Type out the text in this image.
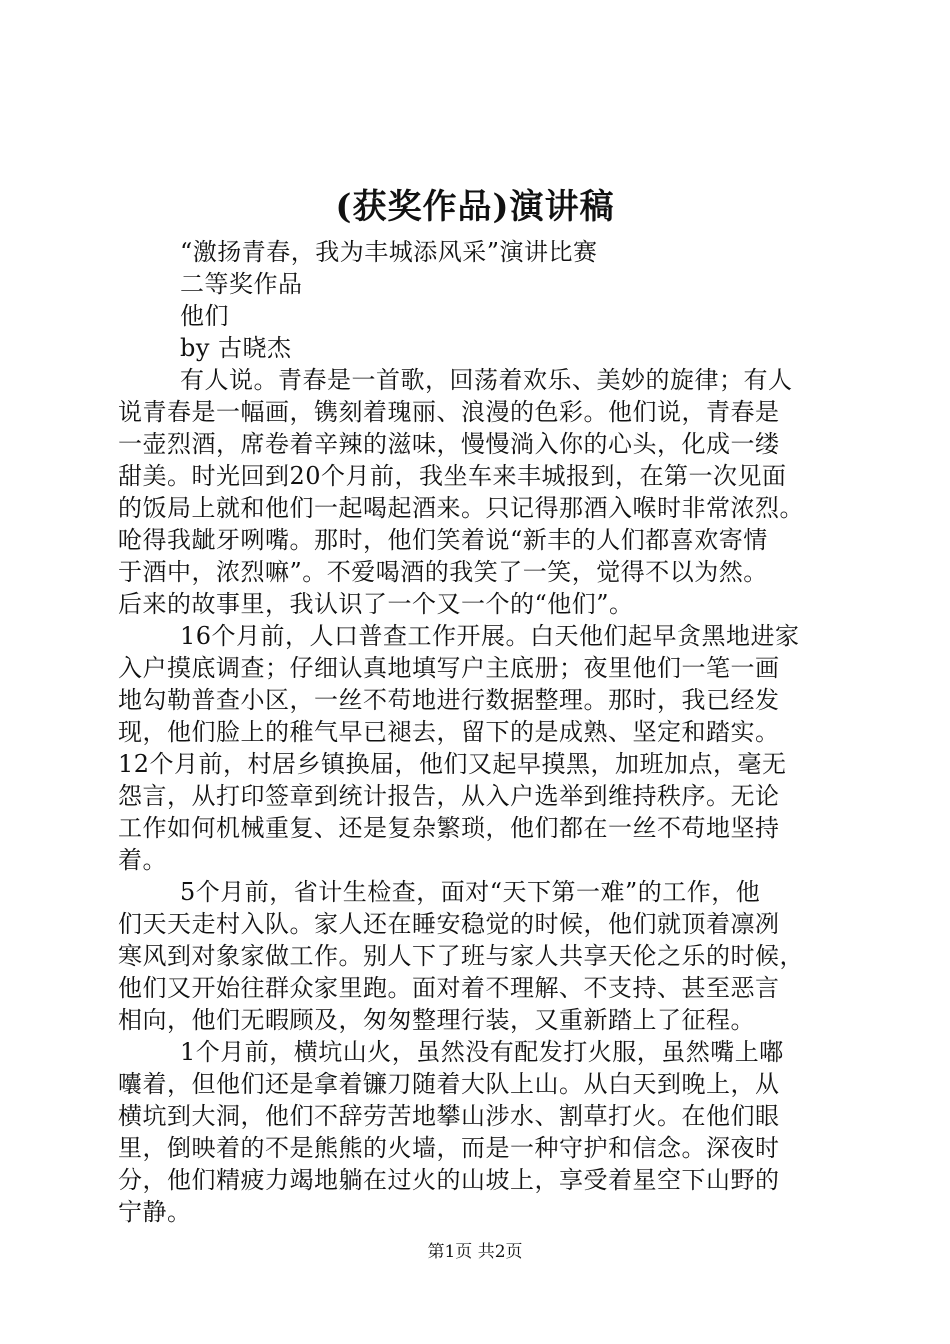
(获奖作品)演讲稿
“激扬青春，我为丰城添风采”演讲比赛
二等奖作品
他们
by 古晓杰
有人说。青春是一首歌，回荡着欢乐、美妙的旋律；有人
说青春是一幅画，镌刻着瑰丽、浪漫的色彩。他们说，青春是
一壶烈酒，席卷着辛辣的滋味，慢慢淌入你的心头，化成一缕
甜美。时光回到20个月前，我坐车来丰城报到，在第一次见面
的饭局上就和他们一起喝起酒来。只记得那酒入喉时非常浓烈。
呛得我龇牙咧嘴。那时，他们笑着说“新丰的人们都喜欢寄情
于酒中，浓烈嘛”。不爱喝酒的我笑了一笑，觉得不以为然。
后来的故事里，我认识了一个又一个的“他们”。
16个月前，人口普查工作开展。白天他们起早贪黑地进家
入户摸底调查；仔细认真地填写户主底册；夜里他们一笔一画
地勾勒普查小区，一丝不苟地进行数据整理。那时，我已经发
现，他们脸上的稚气早已褪去，留下的是成熟、坚定和踏实。
12个月前，村居乡镇换届，他们又起早摸黑，加班加点，毫无
怨言，从打印签章到统计报告，从入户选举到维持秩序。无论
工作如何机械重复、还是复杂繁琐，他们都在一丝不苟地坚持
着。
5个月前，省计生检查，面对“天下第一难”的工作，他
们天天走村入队。家人还在睡安稳觉的时候，他们就顶着凛冽
寒风到对象家做工作。别人下了班与家人共享天伦之乐的时候，
他们又开始往群众家里跑。面对着不理解、不支持、甚至恶言
相向，他们无暇顾及，匆匆整理行装，又重新踏上了征程。
1个月前，横坑山火，虽然没有配发打火服，虽然嘴上嘟
囔着，但他们还是拿着镰刀随着大队上山。从白天到晚上，从
横坑到大洞，他们不辞劳苦地攀山涉水、割草打火。在他们眼
里，倒映着的不是熊熊的火墙，而是一种守护和信念。深夜时
分，他们精疲力竭地躺在过火的山坡上，享受着星空下山野的
宁静。
第1页 共2页
